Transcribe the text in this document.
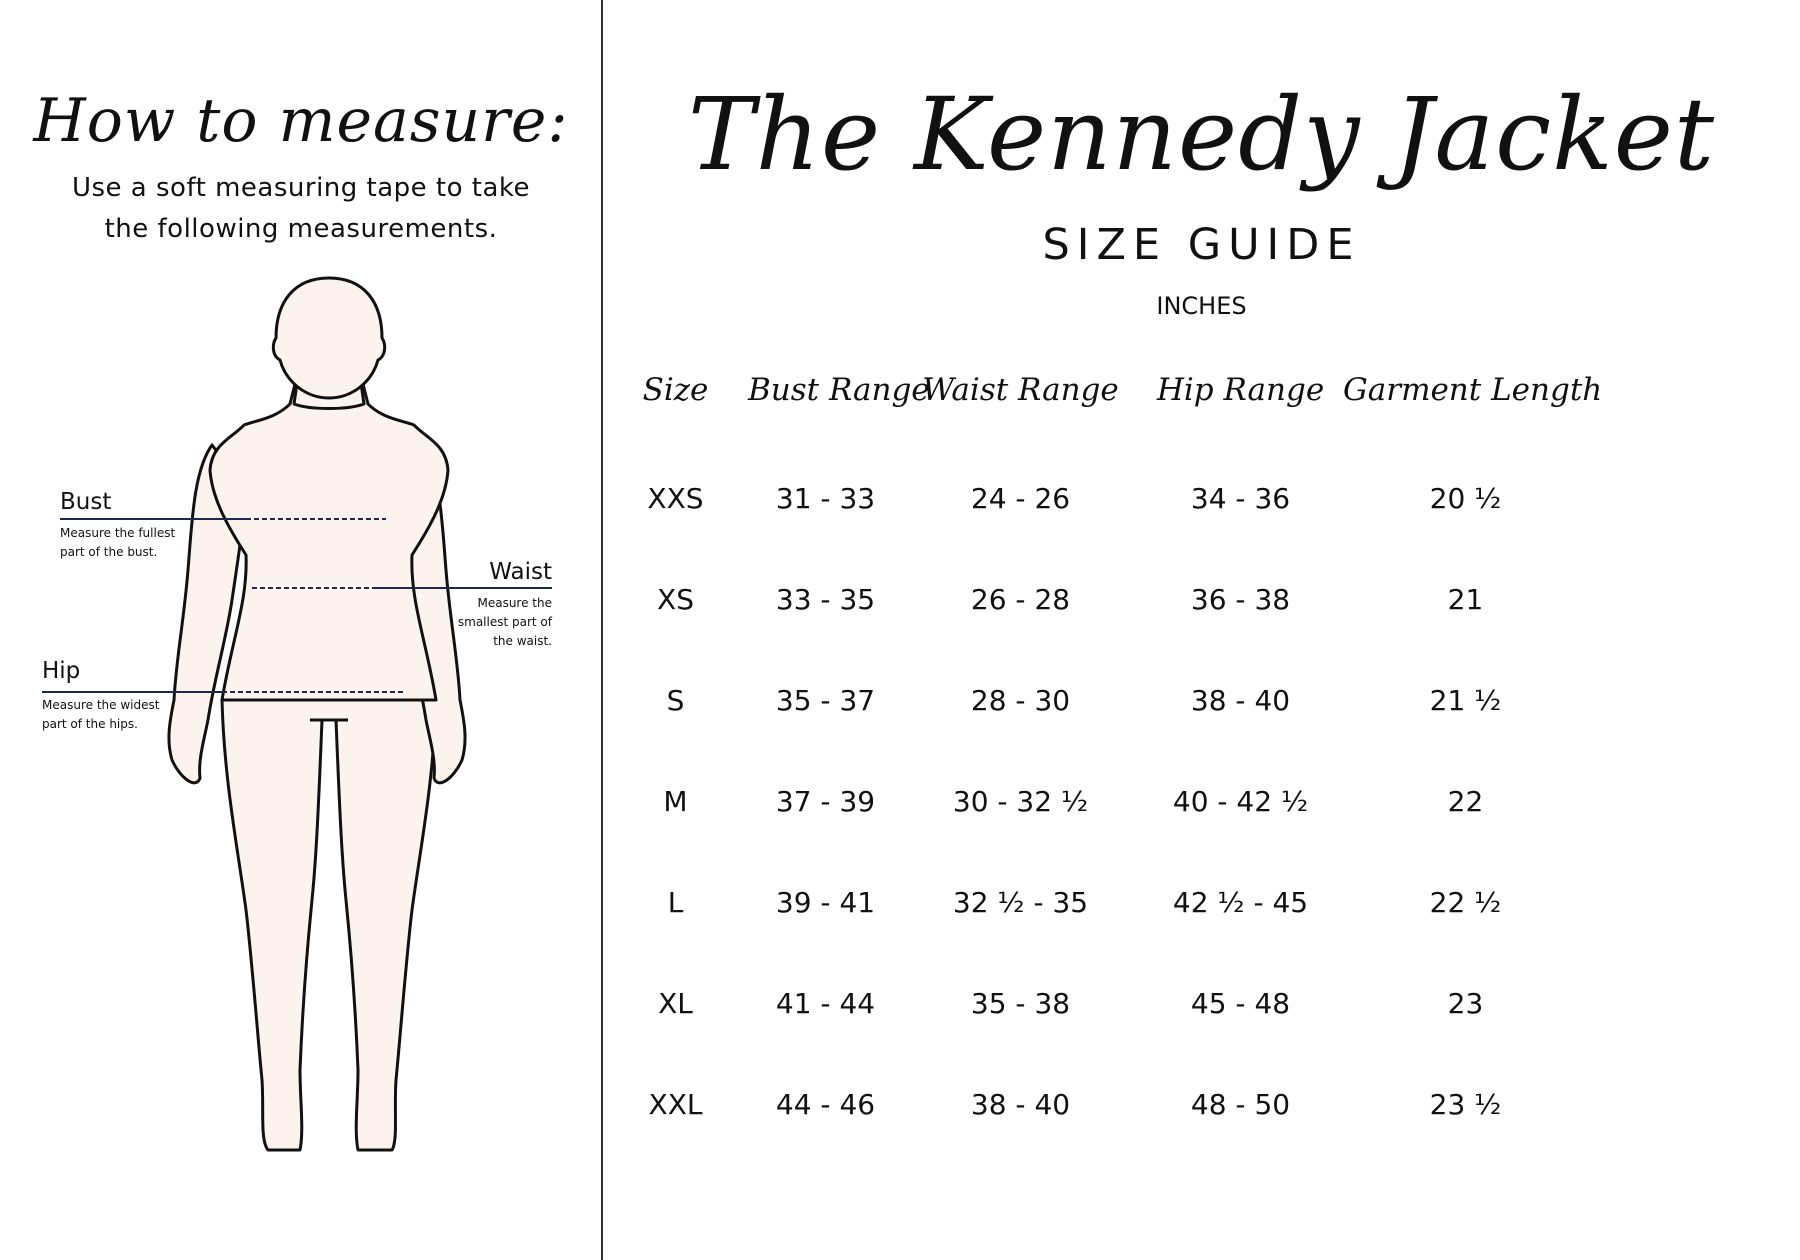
How to measure:

Use a soft measuring tape to take the following measurements.

Bust
Measure the fullest
part of the bust.
Waist
Measure the
smallest part of
the waist.
Hip
Measure the widest
part of the hips.
The Kennedy Jacket
SIZE GUIDE
INCHES
Size	Bust Range	Waist Range	Hip Range	Garment Length	
XXS	31 - 33	24 - 26	34 - 36	20 ½	
XS	33 - 35	26 - 28	36 - 38	21	
S	35 - 37	28 - 30	38 - 40	21 ½	
M	37 - 39	30 - 32 ½	40 - 42 ½	22	
L	39 - 41	32 ½ - 35	42 ½ - 45	22 ½	
XL	41 - 44	35 - 38	45 - 48	23	
XXL	44 - 46	38 - 40	48 - 50	23 ½	
